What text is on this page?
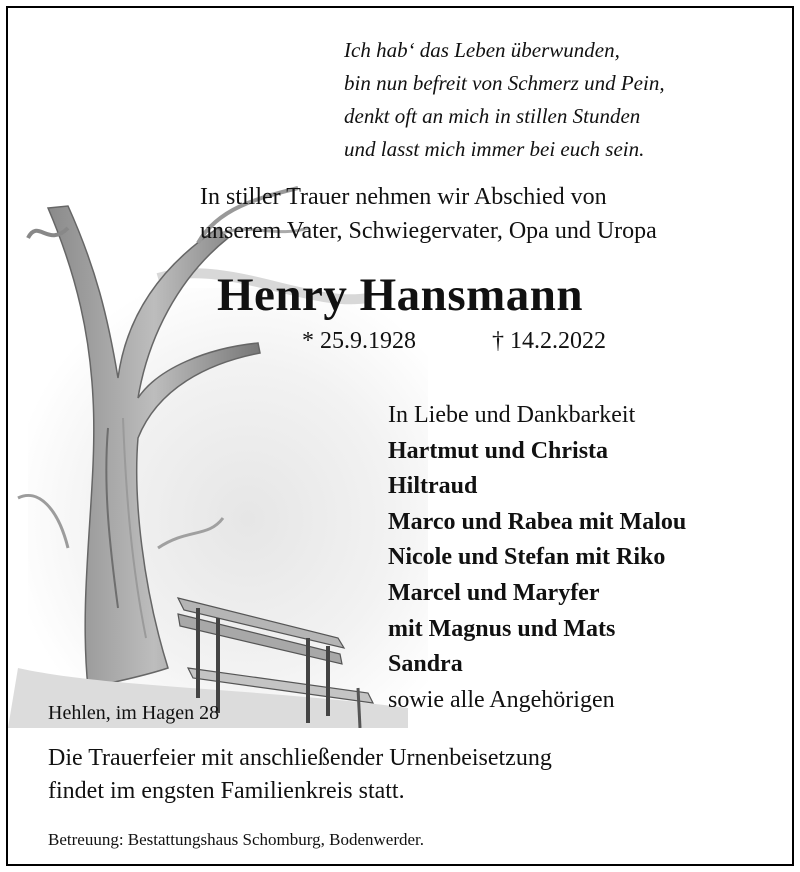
Ich hab‘ das Leben überwunden,
bin nun befreit von Schmerz und Pein,
denkt oft an mich in stillen Stunden
und lasst mich immer bei euch sein.
In stiller Trauer nehmen wir Abschied von
unserem Vater, Schwiegervater, Opa und Uropa
Henry Hansmann
* 25.9.1928	† 14.2.2022
In Liebe und Dankbarkeit
Hartmut und Christa
Hiltraud
Marco und Rabea mit Malou
Nicole und Stefan mit Riko
Marcel und Maryfer
mit Magnus und Mats
Sandra
sowie alle Angehörigen
Hehlen, im Hagen 28
Die Trauerfeier mit anschließender Urnenbeisetzung
findet im engsten Familienkreis statt.
Betreuung: Bestattungshaus Schomburg, Bodenwerder.
